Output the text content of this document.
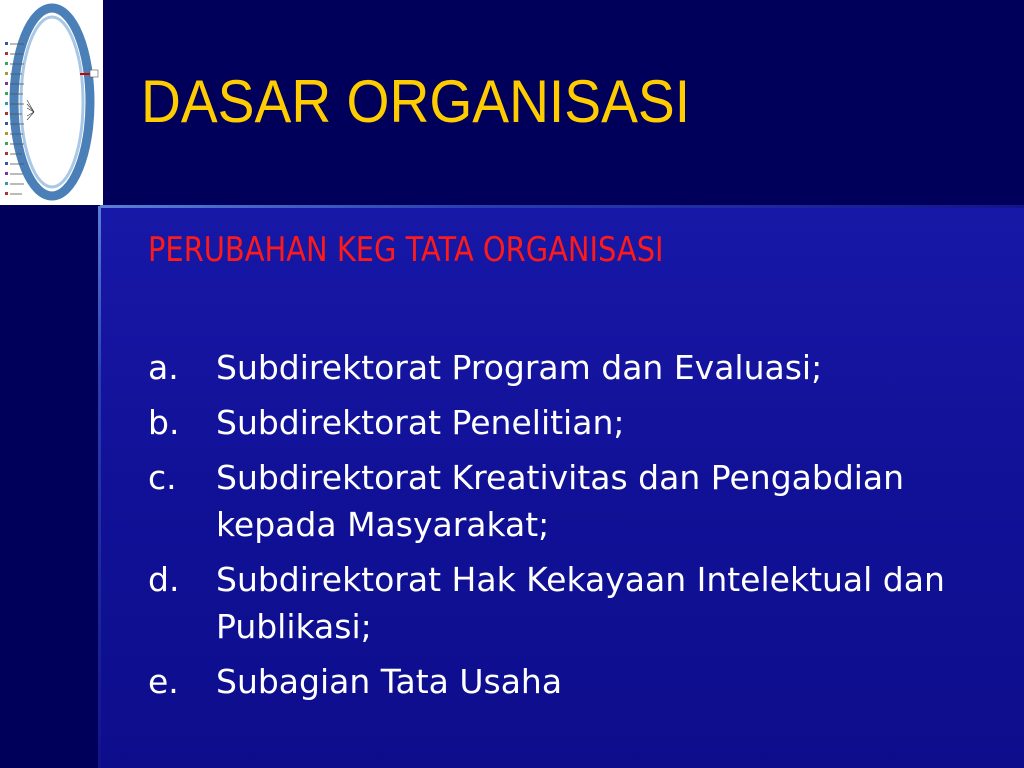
DASAR ORGANISASI
PERUBAHAN KEG TATA ORGANISASI
a. Subdirektorat Program dan Evaluasi;
b. Subdirektorat Penelitian;
c. Subdirektorat Kreativitas dan Pengabdian kepada Masyarakat;
d. Subdirektorat Hak Kekayaan Intelektual dan Publikasi;
e. Subagian Tata Usaha
